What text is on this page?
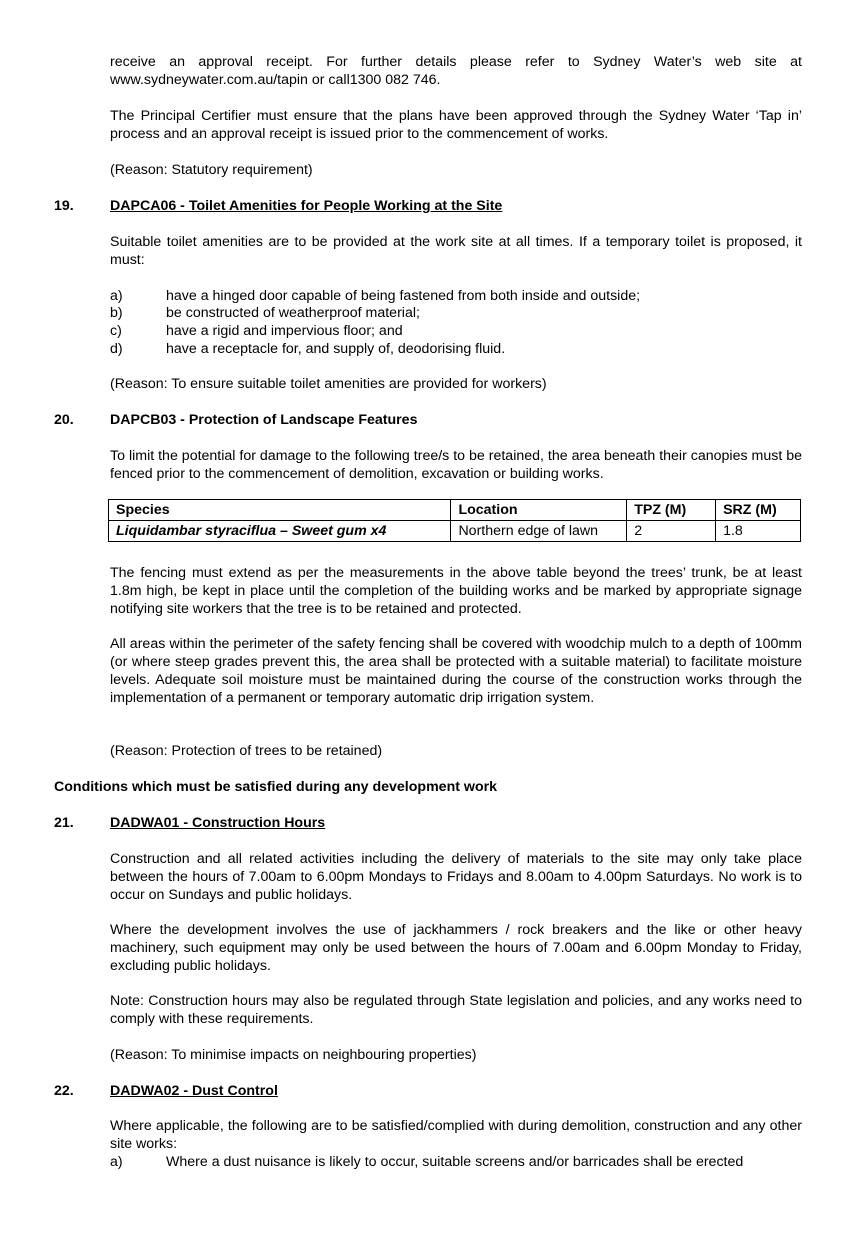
receive an approval receipt. For further details please refer to Sydney Water’s web site at www.sydneywater.com.au/tapin or call1300 082 746.

The Principal Certifier must ensure that the plans have been approved through the Sydney Water ‘Tap in’ process and an approval receipt is issued prior to the commencement of works.

(Reason: Statutory requirement)

19.	DAPCA06 - Toilet Amenities for People Working at the Site

Suitable toilet amenities are to be provided at the work site at all times. If a temporary toilet is proposed, it must:

a)	have a hinged door capable of being fastened from both inside and outside;
b)	be constructed of weatherproof material;
c)	have a rigid and impervious floor; and
d)	have a receptacle for, and supply of, deodorising fluid.

(Reason: To ensure suitable toilet amenities are provided for workers)

20.	DAPCB03 - Protection of Landscape Features

To limit the potential for damage to the following tree/s to be retained, the area beneath their canopies must be fenced prior to the commencement of demolition, excavation or building works.

Species	Location	TPZ (M)	SRZ (M)
Liquidambar styraciflua – Sweet gum x4	Northern edge of lawn	2	1.8

The fencing must extend as per the measurements in the above table beyond the trees’ trunk, be at least 1.8m high, be kept in place until the completion of the building works and be marked by appropriate signage notifying site workers that the tree is to be retained and protected.

All areas within the perimeter of the safety fencing shall be covered with woodchip mulch to a depth of 100mm (or where steep grades prevent this, the area shall be protected with a suitable material) to facilitate moisture levels. Adequate soil moisture must be maintained during the course of the construction works through the implementation of a permanent or temporary automatic drip irrigation system.

(Reason: Protection of trees to be retained)

Conditions which must be satisfied during any development work
21.	DADWA01 - Construction Hours

Construction and all related activities including the delivery of materials to the site may only take place between the hours of 7.00am to 6.00pm Mondays to Fridays and 8.00am to 4.00pm Saturdays. No work is to occur on Sundays and public holidays.

Where the development involves the use of jackhammers / rock breakers and the like or other heavy machinery, such equipment may only be used between the hours of 7.00am and 6.00pm Monday to Friday, excluding public holidays.

Note: Construction hours may also be regulated through State legislation and policies, and any works need to comply with these requirements.

(Reason: To minimise impacts on neighbouring properties)

22.	DADWA02 - Dust Control

Where applicable, the following are to be satisfied/complied with during demolition, construction and any other site works:

a)	Where a dust nuisance is likely to occur, suitable screens and/or barricades shall be erected
